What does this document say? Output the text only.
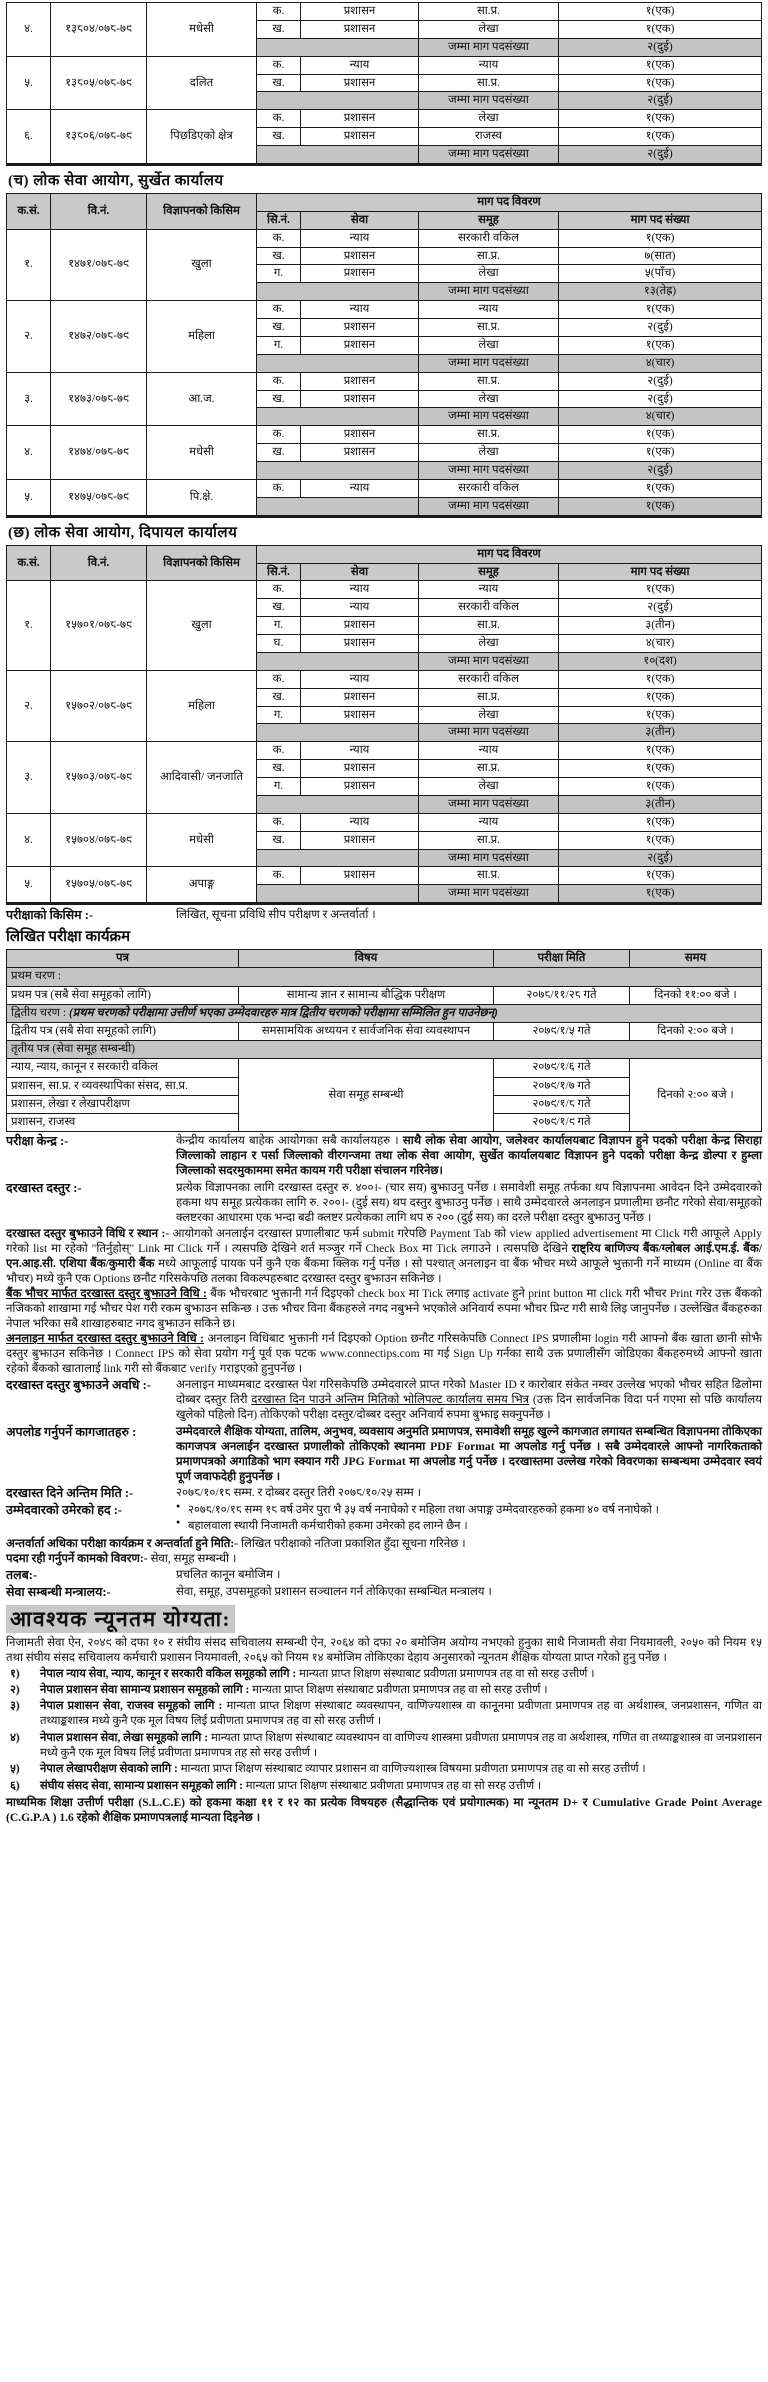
४.	१३८०४/०७८-७९	मधेसी	क.	प्रशासन	सा.प्र.	१(एक)
			ख.	प्रशासन	लेखा	१(एक)
					जम्मा माग पदसंख्या	२(दुई)
५.	१३८०५/०७८-७९	दलित	क.	न्याय	न्याय	१(एक)
			ख.	प्रशासन	सा.प्र.	१(एक)
					जम्मा माग पदसंख्या	२(दुई)
६.	१३८०६/०७८-७९	पिछडिएको क्षेत्र	क.	प्रशासन	लेखा	१(एक)
			ख.	प्रशासन	राजस्व	१(एक)
					जम्मा माग पदसंख्या	२(दुई)
(च) लोक सेवा आयोग, सुर्खेत कार्यालय
क.सं.	वि.नं.	विज्ञापनको किसिम	माग पद विवरण			
			सि.नं.	सेवा	समूह	माग पद संख्या
१.	१४७१/०७८-७९	खुला	क.	न्याय	सरकारी वकिल	१(एक)
			ख.	प्रशासन	सा.प्र.	७(सात)
			ग.	प्रशासन	लेखा	५(पाँच)
					जम्मा माग पदसंख्या	१३(तेह्र)
२.	१४७२/०७८-७९	महिला	क.	न्याय	न्याय	१(एक)
			ख.	प्रशासन	सा.प्र.	२(दुई)
			ग.	प्रशासन	लेखा	१(एक)
					जम्मा माग पदसंख्या	४(चार)
३.	१४७३/०७८-७९	आ.ज.	क.	प्रशासन	सा.प्र.	२(दुई)
			ख.	प्रशासन	लेखा	२(दुई)
					जम्मा माग पदसंख्या	४(चार)
४.	१४७४/०७८-७९	मधेसी	क.	प्रशासन	सा.प्र.	१(एक)
			ख.	प्रशासन	लेखा	१(एक)
					जम्मा माग पदसंख्या	२(दुई)
५.	१४७५/०७८-७९	पि.क्षे.	क.	न्याय	सरकारी वकिल	१(एक)
					जम्मा माग पदसंख्या	१(एक)
(छ) लोक सेवा आयोग, दिपायल कार्यालय
क.सं.	वि.नं.	विज्ञापनको किसिम	माग पद विवरण			
			सि.नं.	सेवा	समूह	माग पद संख्या
१.	१५७०१/०७८-७९	खुला	क.	न्याय	न्याय	१(एक)
			ख.	न्याय	सरकारी वकिल	२(दुई)
			ग.	प्रशासन	सा.प्र.	३(तीन)
			घ.	प्रशासन	लेखा	४(चार)
					जम्मा माग पदसंख्या	१०(दश)
२.	१५७०२/०७८-७९	महिला	क.	न्याय	सरकारी वकिल	१(एक)
			ख.	प्रशासन	सा.प्र.	१(एक)
			ग.	प्रशासन	लेखा	१(एक)
					जम्मा माग पदसंख्या	३(तीन)
३.	१५७०३/०७८-७९	आदिवासी/ जनजाति	क.	न्याय	न्याय	१(एक)
			ख.	प्रशासन	सा.प्र.	१(एक)
			ग.	प्रशासन	लेखा	१(एक)
					जम्मा माग पदसंख्या	३(तीन)
४.	१५७०४/०७८-७९	मधेसी	क.	न्याय	न्याय	१(एक)
			ख.	प्रशासन	सा.प्र.	१(एक)
					जम्मा माग पदसंख्या	२(दुई)
५.	१५७०५/०७८-७९	अपाङ्ग	क.	प्रशासन	सा.प्र.	१(एक)
					जम्मा माग पदसंख्या	१(एक)
परीक्षाको किसिम :-	लिखित, सूचना प्रविधि सीप परीक्षण र अन्तर्वार्ता ।
लिखित परीक्षा कार्यक्रम
पत्र	विषय	परीक्षा मिति	समय
प्रथम चरण :			
प्रथम पत्र (सबै सेवा समूहको लागि)	सामान्य ज्ञान र सामान्य बौद्धिक परीक्षण	२०७८/११/२८ गते	दिनको ११:०० बजे ।
द्वितीय चरण : (प्रथम चरणको परीक्षामा उत्तीर्ण भएका उम्मेदवारहरु मात्र द्वितीय चरणको परीक्षामा सम्मिलित हुन पाउनेछन्)			
द्वितीय पत्र (सबै सेवा समूहको लागि)	समसामयिक अध्ययन र सार्वजनिक सेवा व्यवस्थापन	२०७९/१/५ गते	दिनको २:०० बजे ।
तृतीय पत्र (सेवा समूह सम्बन्धी)			
न्याय, न्याय, कानून र सरकारी वकिल	सेवा समूह सम्बन्धी	२०७९/१/६ गते	दिनको २:०० बजे ।
प्रशासन, सा.प्र. र व्यवस्थापिका संसद, सा.प्र.		२०७९/१/७ गते	
प्रशासन, लेखा र लेखापरीक्षण		२०७९/१/८ गते	
प्रशासन, राजस्व		२०७९/१/९ गते	
परीक्षा केन्द्र :-	केन्द्रीय कार्यालय बाहेक आयोगका सबै कार्यालयहरु । साथै लोक सेवा आयोग, जलेश्वर कार्यालयबाट विज्ञापन हुने पदको परीक्षा केन्द्र सिराहा जिल्लाको लाहान र पर्सा जिल्लाको वीरगन्जमा तथा लोक सेवा आयोग, सुर्खेत कार्यालयबाट विज्ञापन हुने पदको परीक्षा केन्द्र डोल्पा र हुम्ला जिल्लाको सदरमुकाममा समेत कायम गरी परीक्षा संचालन गरिनेछ।
दरखास्त दस्तुर :-	प्रत्येक विज्ञापनका लागि दरखास्त दस्तुर रु. ४००।- (चार सय) बुझाउनु पर्नेछ । समावेशी समूह तर्फका थप विज्ञापनमा आवेदन दिने उम्मेदवारको हकमा थप समूह प्रत्येकका लागि रु. २००।- (दुई सय) थप दस्तुर बुझाउनु पर्नेछ । साथै उम्मेदवारले अनलाइन प्रणालीमा छनौट गरेको सेवा/समूहको क्लष्टरका आधारमा एक भन्दा बढी क्लष्टर प्रत्येकका लागि थप रु २०० (दुई सय) का दरले परीक्षा दस्तुर बुझाउनु पर्नेछ ।
दरखास्त दस्तुर बुझाउने विधि र स्थान :- आयोगको अनलाईन दरखास्त प्रणालीबाट फर्म submit गरेपछि Payment Tab को view applied advertisement मा Click गरी आफूले Apply गरेको list मा रहेको "तिर्नुहोस्" Link मा Click गर्ने । त्यसपछि देखिने शर्त मञ्जुर गर्ने Check Box मा Tick लगाउने । त्यसपछि देखिने राष्ट्रिय बाणिज्य बैंक/ग्लोबल आई.एम.ई. बैंक/एन.आइ.सी. एशिया बैंक/कुमारी बैंक मध्ये आफूलाई पायक पर्ने कुनै एक बैंकमा क्लिक गर्नु पर्नेछ । सो पश्चात् अनलाइन वा बैंक भौचर मध्ये आफूले भुक्तानी गर्ने माध्यम (Online वा बैंक भौचर) मध्ये कुनै एक Options छनौट गरिसकेपछि तलका विकल्पहरुबाट दरखास्त दस्तुर बुझाउन सकिनेछ ।
बैंक भौचर मार्फत दरखास्त दस्तुर बुझाउने विधि : बैंक भौचरबाट भुक्तानी गर्न दिइएको check box मा Tick लगाइ activate हुने print button मा click गरी भौचर Print गरेर उक्त बैंकको नजिकको शाखामा गई भौचर पेश गरी रकम बुझाउन सकिन्छ । उक्त भौचर विना बैंकहरुले नगद नबुझ्ने भएकोले अनिवार्य रुपमा भौचर प्रिन्ट गरी साथै लिइ जानुपर्नेछ । उल्लेखित बैंकहरुका नेपाल भरिका सबै शाखाहरुबाट नगद बुझाउन सकिने छ।
अनलाइन मार्फत दरखास्त दस्तुर बुझाउने विधि : अनलाइन विधिबाट भुक्तानी गर्न दिइएको Option छनौट गरिसकेपछि Connect IPS प्रणालीमा login गरी आफ्नो बैंक खाता छानी सोझै दस्तुर बुझाउन सकिनेछ । Connect IPS को सेवा प्रयोग गर्नु पूर्व एक पटक www.connectips.com मा गई Sign Up गर्नका साथै उक्त प्रणालीसँग जोडिएका बैंकहरुमध्ये आफ्नो खाता रहेको बैंकको खातालाई link गरी सो बैंकबाट verify गराइएको हुनुपर्नेछ ।
दरखास्त दस्तुर बुझाउने अवधि :-	अनलाइन माध्यमबाट दरखास्त पेश गरिसकेपछि उम्मेदवारले प्राप्त गरेको Master ID र कारोबार संकेत नम्वर उल्लेख भएको भौचर सहित ढिलोमा दोब्बर दस्तुर तिरी दरखास्त दिन पाउने अन्तिम मितिको भोलिपल्ट कार्यालय समय भित्र (उक्त दिन सार्वजनिक विदा पर्न गएमा सो पछि कार्यालय खुलेको पहिलो दिन) तोकिएको परीक्षा दस्तुर/दोब्बर दस्तुर अनिवार्य रुपमा बुझाइ सक्नुपर्नेछ ।
अपलोड गर्नुपर्ने कागजातहरु :	उम्मेदवारले शैक्षिक योग्यता, तालिम, अनुभव, व्यवसाय अनुमति प्रमाणपत्र, समावेशी समूह खुल्ने कागजात लगायत सम्बन्धित विज्ञापनमा तोकिएका कागजपत्र अनलाईन दरखास्त प्रणालीको तोकिएको स्थानमा PDF Format मा अपलोड गर्नु पर्नेछ । सबै उम्मेदवारले आफ्नो नागरिकताको प्रमाणपत्रको अगाडिको भाग स्क्यान गरी JPG Format मा अपलोड गर्नु पर्नेछ । दरखास्तमा उल्लेख गरेको विवरणका सम्बन्धमा उम्मेदवार स्वयं पूर्ण जवाफदेही हुनुपर्नेछ ।
दरखास्त दिने अन्तिम मिति :-	२०७८/१०/१८ सम्म. र दोब्बर दस्तुर तिरी २०७८/१०/२५ सम्म ।
उम्मेदवारको उमेरको हद :-	● २०७८/१०/१८ सम्म १८ वर्ष उमेर पुरा भै ३५ वर्ष ननाघेको र महिला तथा अपाङ्ग उम्मेदवारहरुको हकमा ४० वर्ष ननाघेको ।
● बहालवाला स्थायी निजामती कर्मचारीको हकमा उमेरको हद लाग्ने छैन ।
अन्तर्वार्ता अधिका परीक्षा कार्यक्रम र अन्तर्वार्ता हुने मिति:- लिखित परीक्षाको नतिजा प्रकाशित हुँदा सूचना गरिनेछ ।
पदमा रही गर्नुपर्ने कामको विवरण:- सेवा, समूह सम्बन्धी ।
तलब:-	प्रचलित कानून बमोजिम ।
सेवा सम्बन्धी मन्त्रालय:-	सेवा, समूह, उपसमूहको प्रशासन सञ्चालन गर्न तोकिएका सम्बन्धित मन्त्रालय ।
आवश्यक न्यूनतम योग्यता:

निजामती सेवा ऐन, २०४९ को दफा १० र संघीय संसद सचिवालय सम्बन्धी ऐन, २०६४ को दफा २० बमोजिम अयोग्य नभएको हुनुका साथै निजामती सेवा नियमावली, २०५० को नियम १५ तथा संघीय संसद सचिवालय कर्मचारी प्रशासन नियमावली, २०६५ को नियम १४ बमोजिम तोकिएका देहाय अनुसारको न्यूनतम शैक्षिक योग्यता प्राप्त गरेको हुनु पर्नेछ ।

१) नेपाल न्याय सेवा, न्याय, कानून र सरकारी वकिल समूहको लागि : मान्यता प्राप्त शिक्षण संस्थाबाट प्रवीणता प्रमाणपत्र तह वा सो सरह उत्तीर्ण ।
२) नेपाल प्रशासन सेवा सामान्य प्रशासन समूहको लागि : मान्यता प्राप्त शिक्षण संस्थाबाट प्रवीणता प्रमाणपत्र तह वा सो सरह उत्तीर्ण ।
३) नेपाल प्रशासन सेवा, राजस्व समूहको लागि : मान्यता प्राप्त शिक्षण संस्थाबाट व्यवस्थापन, वाणिज्यशास्त्र वा कानूनमा प्रवीणता प्रमाणपत्र तह वा अर्थशास्त्र, जनप्रशासन, गणित वा तथ्याङ्कशास्त्र मध्ये कुनै एक मूल विषय लिई प्रवीणता प्रमाणपत्र तह वा सो सरह उत्तीर्ण ।
४) नेपाल प्रशासन सेवा, लेखा समूहको लागि : मान्यता प्राप्त शिक्षण संस्थाबाट व्यवस्थापन वा वाणिज्य शास्त्रमा प्रवीणता प्रमाणपत्र तह वा अर्थशास्त्र, गणित वा तथ्याङ्कशास्त्र वा जनप्रशासन मध्ये कुनै एक मूल विषय लिई प्रवीणता प्रमाणपत्र तह सो सरह उत्तीर्ण ।
५) नेपाल लेखापरीक्षण सेवाको लागि : मान्यता प्राप्त शिक्षण संस्थाबाट व्यापार प्रशासन वा वाणिज्यशास्त्र विषयमा प्रवीणता प्रमाणपत्र तह वा सो सरह उत्तीर्ण ।
६) संघीय संसद सेवा, सामान्य प्रशासन समूहको लागि : मान्यता प्राप्त शिक्षण संस्थाबाट प्रवीणता प्रमाणपत्र तह वा सो सरह उत्तीर्ण ।

माध्यमिक शिक्षा उत्तीर्ण परीक्षा (S.L.C.E) को हकमा कक्षा ११ र १२ का प्रत्येक विषयहरु (सैद्धान्तिक एवं प्रयोगात्मक) मा न्यूनतम D+ र Cumulative Grade Point Average (C.G.P.A ) 1.6 रहेको शैक्षिक प्रमाणपत्रलाई मान्यता दिइनेछ ।
